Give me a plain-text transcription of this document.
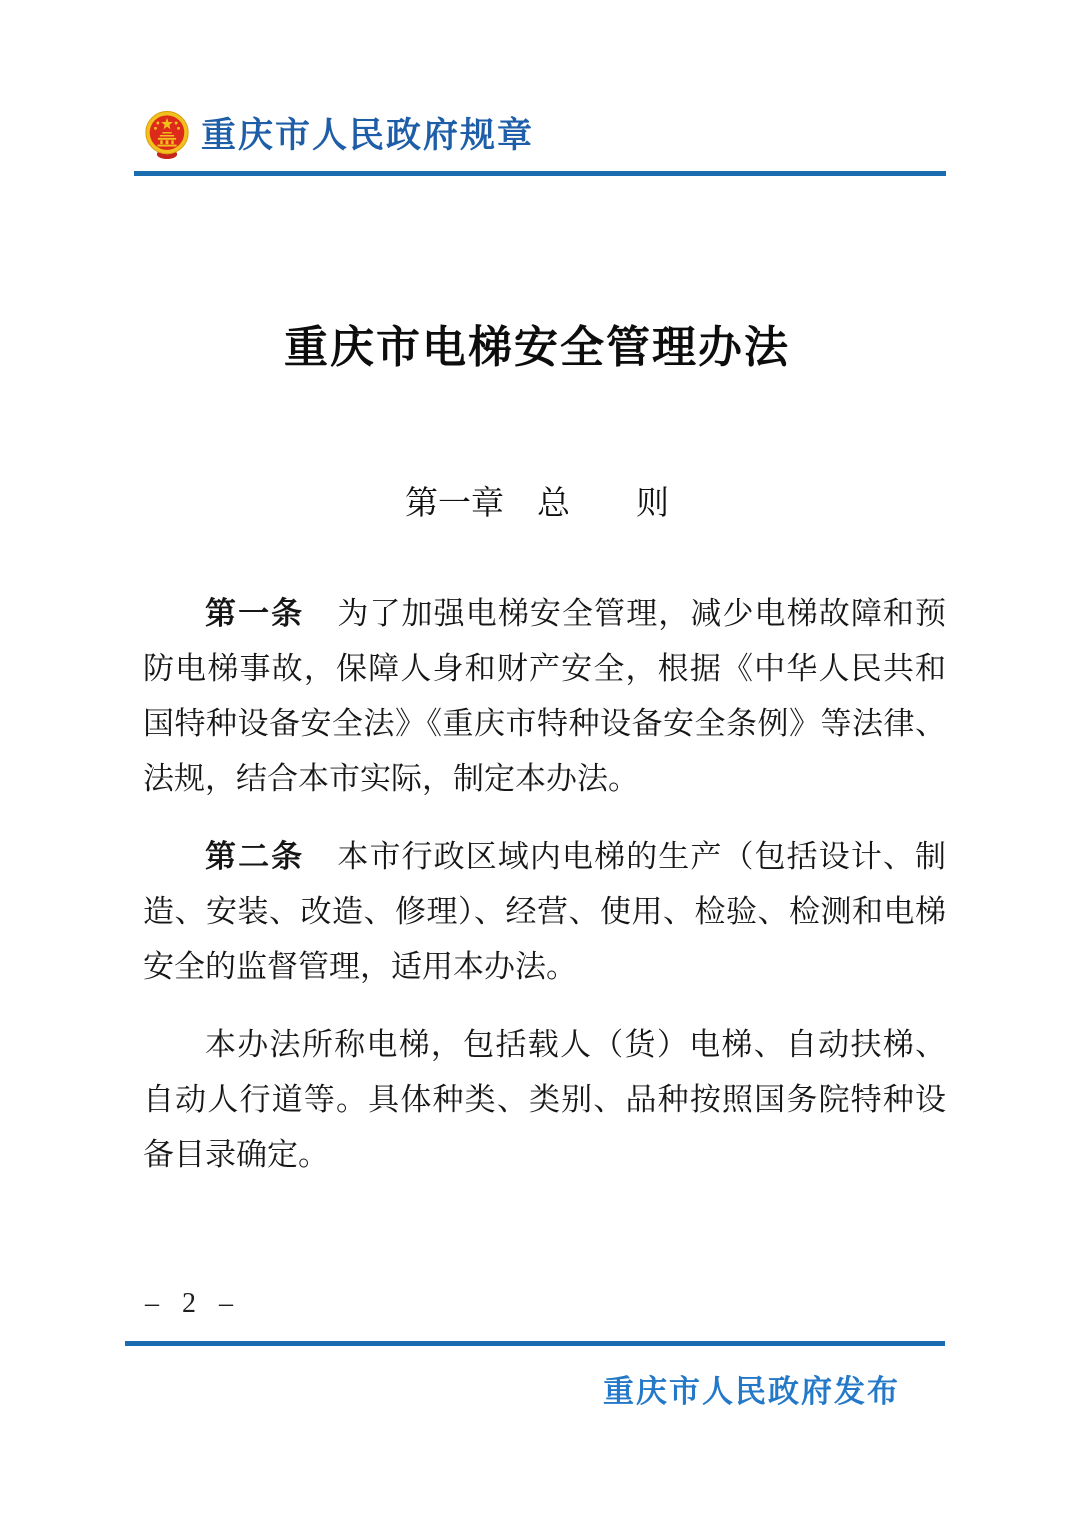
重庆市人民政府规章
重庆市电梯安全管理办法
第一章　总　　则

第一条 为了加强电梯安全管理，减少电梯故障和预防电梯事故，保障人身和财产安全，根据《中华人民共和国特种设备安全法》《重庆市特种设备安全条例》等法律、法规，结合本市实际，制定本办法。

第二条 本市行政区域内电梯的生产（包括设计、制造、安装、改造、修理）、经营、使用、检验、检测和电梯安全的监督管理，适用本办法。

本办法所称电梯，包括载人（货）电梯、自动扶梯、自动人行道等。具体种类、类别、品种按照国务院特种设备目录确定。

– 2 –
重庆市人民政府发布
